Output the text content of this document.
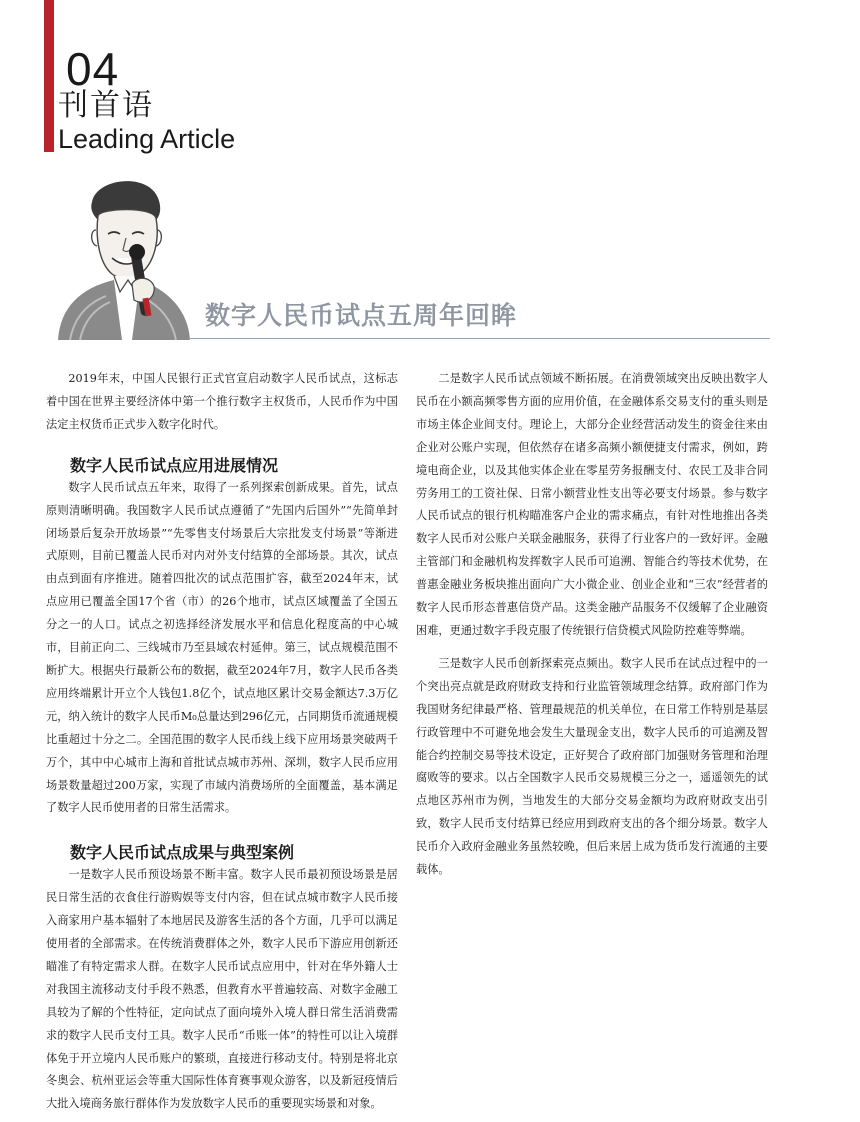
04
刊首语
Leading Article
数字人民币试点五周年回眸

2019年末，中国人民银行正式官宣启动数字人民币试点，这标志着中国在世界主要经济体中第一个推行数字主权货币，人民币作为中国法定主权货币正式步入数字化时代。

数字人民币试点应用进展情况

数字人民币试点五年来，取得了一系列探索创新成果。首先，试点原则清晰明确。我国数字人民币试点遵循了“先国内后国外”“先简单封闭场景后复杂开放场景”“先零售支付场景后大宗批发支付场景”等渐进式原则，目前已覆盖人民币对内对外支付结算的全部场景。其次，试点由点到面有序推进。随着四批次的试点范围扩容，截至2024年末，试点应用已覆盖全国17个省（市）的26个地市，试点区域覆盖了全国五分之一的人口。试点之初选择经济发展水平和信息化程度高的中心城市，目前正向二、三线城市乃至县域农村延伸。第三，试点规模范围不断扩大。根据央行最新公布的数据，截至2024年7月，数字人民币各类应用终端累计开立个人钱包1.8亿个，试点地区累计交易金额达7.3万亿元，纳入统计的数字人民币M₀总量达到296亿元，占同期货币流通规模比重超过十分之二。全国范围的数字人民币线上线下应用场景突破两千万个，其中中心城市上海和首批试点城市苏州、深圳，数字人民币应用场景数量超过200万家，实现了市域内消费场所的全面覆盖，基本满足了数字人民币使用者的日常生活需求。

数字人民币试点成果与典型案例

一是数字人民币预设场景不断丰富。数字人民币最初预设场景是居民日常生活的衣食住行游购娱等支付内容，但在试点城市数字人民币接入商家用户基本辐射了本地居民及游客生活的各个方面，几乎可以满足使用者的全部需求。在传统消费群体之外，数字人民币下游应用创新还瞄准了有特定需求人群。在数字人民币试点应用中，针对在华外籍人士对我国主流移动支付手段不熟悉，但教育水平普遍较高、对数字金融工具较为了解的个性特征，定向试点了面向境外入境人群日常生活消费需求的数字人民币支付工具。数字人民币“币账一体”的特性可以让入境群体免于开立境内人民币账户的繁琐，直接进行移动支付。特别是将北京冬奥会、杭州亚运会等重大国际性体育赛事观众游客，以及新冠疫情后大批入境商务旅行群体作为发放数字人民币的重要现实场景和对象。

二是数字人民币试点领域不断拓展。在消费领域突出反映出数字人民币在小额高频零售方面的应用价值，在金融体系交易支付的重头则是市场主体企业间支付。理论上，大部分企业经营活动发生的资金往来由企业对公账户实现，但依然存在诸多高频小额便捷支付需求，例如，跨境电商企业，以及其他实体企业在零星劳务报酬支付、农民工及非合同劳务用工的工资社保、日常小额营业性支出等必要支付场景。参与数字人民币试点的银行机构瞄准客户企业的需求痛点，有针对性地推出各类数字人民币对公账户关联金融服务，获得了行业客户的一致好评。金融主管部门和金融机构发挥数字人民币可追溯、智能合约等技术优势，在普惠金融业务板块推出面向广大小微企业、创业企业和“三农”经营者的数字人民币形态普惠信贷产品。这类金融产品服务不仅缓解了企业融资困难，更通过数字手段克服了传统银行信贷模式风险防控难等弊端。

三是数字人民币创新探索亮点频出。数字人民币在试点过程中的一个突出亮点就是政府财政支持和行业监管领域理念结算。政府部门作为我国财务纪律最严格、管理最规范的机关单位，在日常工作特别是基层行政管理中不可避免地会发生大量现金支出，数字人民币的可追溯及智能合约控制交易等技术设定，正好契合了政府部门加强财务管理和治理腐败等的要求。以占全国数字人民币交易规模三分之一，遥遥领先的试点地区苏州市为例，当地发生的大部分交易金额均为政府财政支出引致，数字人民币支付结算已经应用到政府支出的各个细分场景。数字人民币介入政府金融业务虽然较晚，但后来居上成为货币发行流通的主要载体。
